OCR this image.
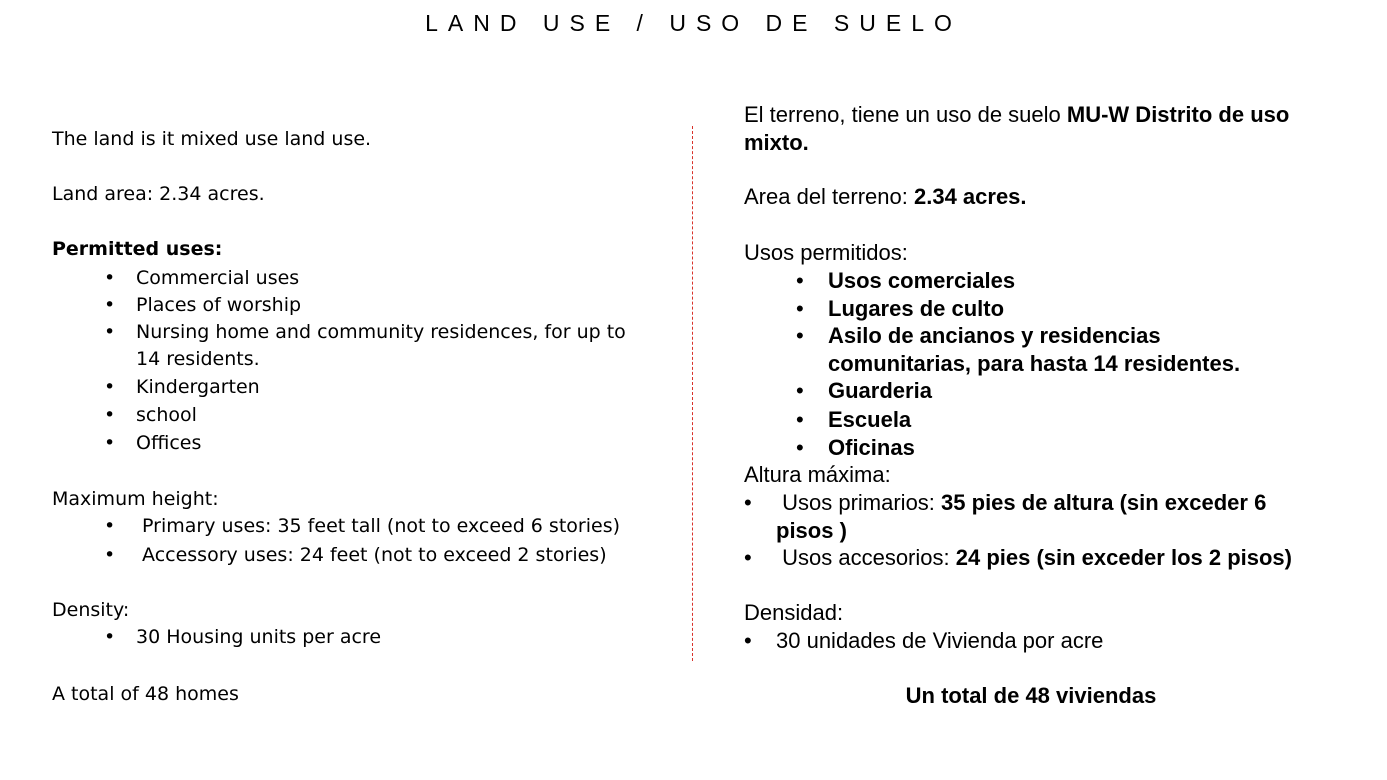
LAND USE / USO DE SUELO
The land is it mixed use land use.
Land area: 2.34 acres.
Permitted uses:
• Commercial uses
• Places of worship
• Nursing home and community residences, for up to 14 residents.
• Kindergarten
• school
• Offices
Maximum height:
•  Primary uses: 35 feet tall (not to exceed 6 stories)
•  Accessory uses: 24 feet (not to exceed 2 stories)
Density:
• 30 Housing units per acre
A total of 48 homes
El terreno, tiene un uso de suelo MU-W Distrito de uso mixto.
Area del terreno: 2.34 acres.
Usos permitidos:
• Usos comerciales
• Lugares de culto
• Asilo de ancianos y residencias comunitarias, para hasta 14 residentes.
• Guarderia
• Escuela
• Oficinas
Altura máxima:
•  Usos primarios: 35 pies de altura (sin exceder 6 pisos )
•  Usos accesorios: 24 pies (sin exceder los 2 pisos)
Densidad:
• 30 unidades de Vivienda por acre
Un total de 48 viviendas
